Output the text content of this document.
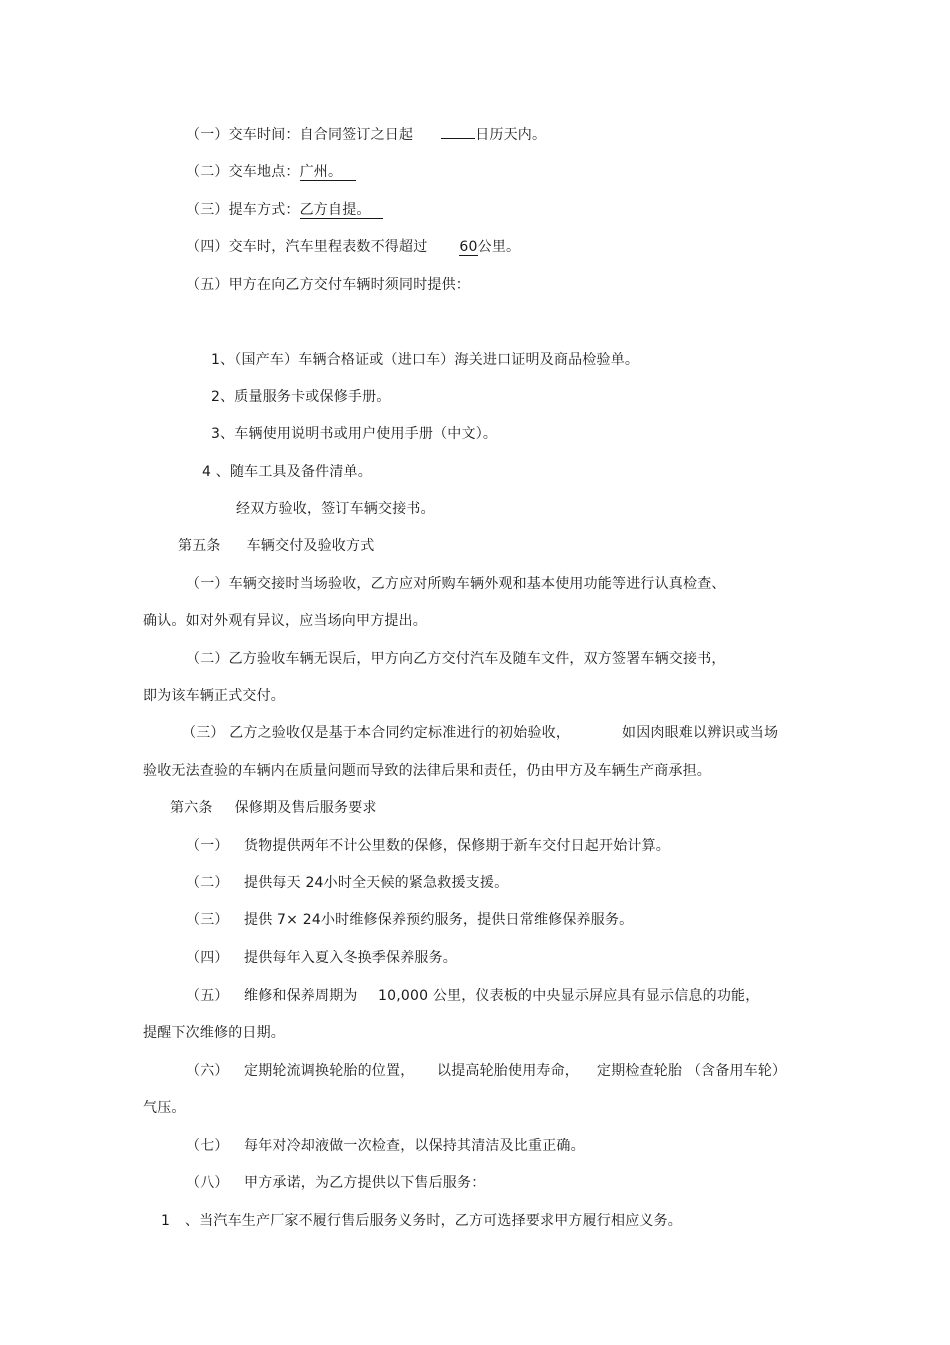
（一）交车时间：自合同签订之日起	日历天内。
（二）交车地点：广州。
（三）提车方式：乙方自提。
（四）交车时，汽车里程表数不得超过 60公里。
（五）甲方在向乙方交付车辆时须同时提供：
1、（国产车）车辆合格证或（进口车）海关进口证明及商品检验单。
2、质量服务卡或保修手册。
3、车辆使用说明书或用户使用手册（中文）。
4 、随车工具及备件清单。
经双方验收，签订车辆交接书。
第五条 车辆交付及验收方式
（一）车辆交接时当场验收，乙方应对所购车辆外观和基本使用功能等进行认真检查、
确认。如对外观有异议，应当场向甲方提出。
（二）乙方验收车辆无误后，甲方向乙方交付汽车及随车文件，双方签署车辆交接书，
即为该车辆正式交付。
（三） 乙方之验收仅是基于本合同约定标准进行的初始验收，	如因肉眼难以辨识或当场
验收无法查验的车辆内在质量问题而导致的法律后果和责任，仍由甲方及车辆生产商承担。
第六条 保修期及售后服务要求
（一） 货物提供两年不计公里数的保修，保修期于新车交付日起开始计算。
（二） 提供每天 24小时全天候的紧急救援支援。
（三） 提供 7× 24小时维修保养预约服务，提供日常维修保养服务。
（四） 提供每年入夏入冬换季保养服务。
（五） 维修和保养周期为 10,000 公里，仪表板的中央显示屏应具有显示信息的功能，
提醒下次维修的日期。
（六） 定期轮流调换轮胎的位置， 以提高轮胎使用寿命， 定期检查轮胎 （含备用车轮）
气压。
（七） 每年对冷却液做一次检查，以保持其清洁及比重正确。
（八） 甲方承诺，为乙方提供以下售后服务：
1 、当汽车生产厂家不履行售后服务义务时，乙方可选择要求甲方履行相应义务。
